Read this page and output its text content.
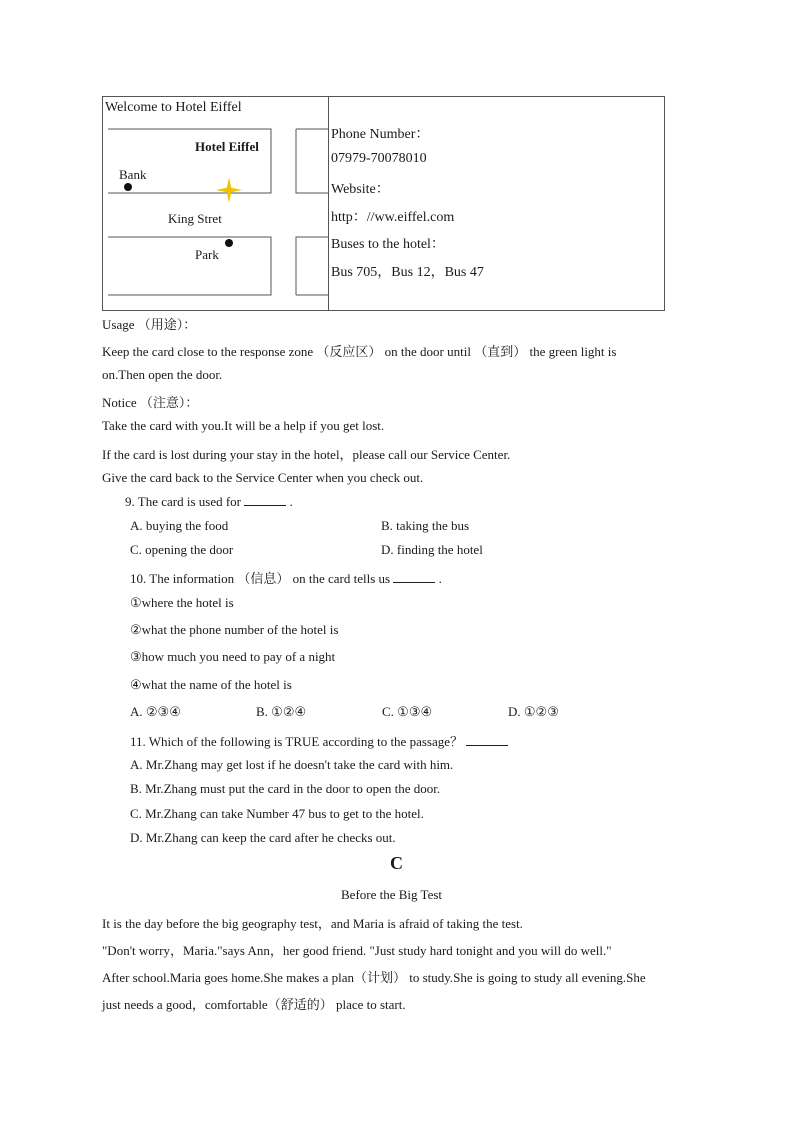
Welcome to Hotel Eiffel
Hotel Eiffel
Bank
King Stret
Park
Phone Number：
07979-70078010
Website：
http：//ww.eiffel.com
Buses to the hotel：
Bus 705，Bus 12，Bus 47
Usage （用途）：
Keep the card close to the response zone （反应区） on the door until （直到） the green light is
on.Then open the door.
Notice （注意）：
Take the card with you.It will be a help if you get lost.
If the card is lost during your stay in the hotel，please call our Service Center.
Give the card back to the Service Center when you check out.
9. The card is used for	.
A. buying the food	B. taking the bus
C. opening the door	D. finding the hotel
10. The information （信息） on the card tells us	.
①where the hotel is
②what the phone number of the hotel is
③how much you need to pay of a night
④what the name of the hotel is
A. ②③④	B. ①②④	C. ①③④	D. ①②③
11. Which of the following is TRUE according to the passage？
A. Mr.Zhang may get lost if he doesn't take the card with him.
B. Mr.Zhang must put the card in the door to open the door.
C. Mr.Zhang can take Number 47 bus to get to the hotel.
D. Mr.Zhang can keep the card after he checks out.
C
Before the Big Test
It is the day before the big geography test，and Maria is afraid of taking the test.
"Don't worry，Maria."says Ann，her good friend. "Just study hard tonight and you will do well."
After school.Maria goes home.She makes a plan（计划） to study.She is going to study all evening.She
just needs a good，comfortable（舒适的） place to start.
